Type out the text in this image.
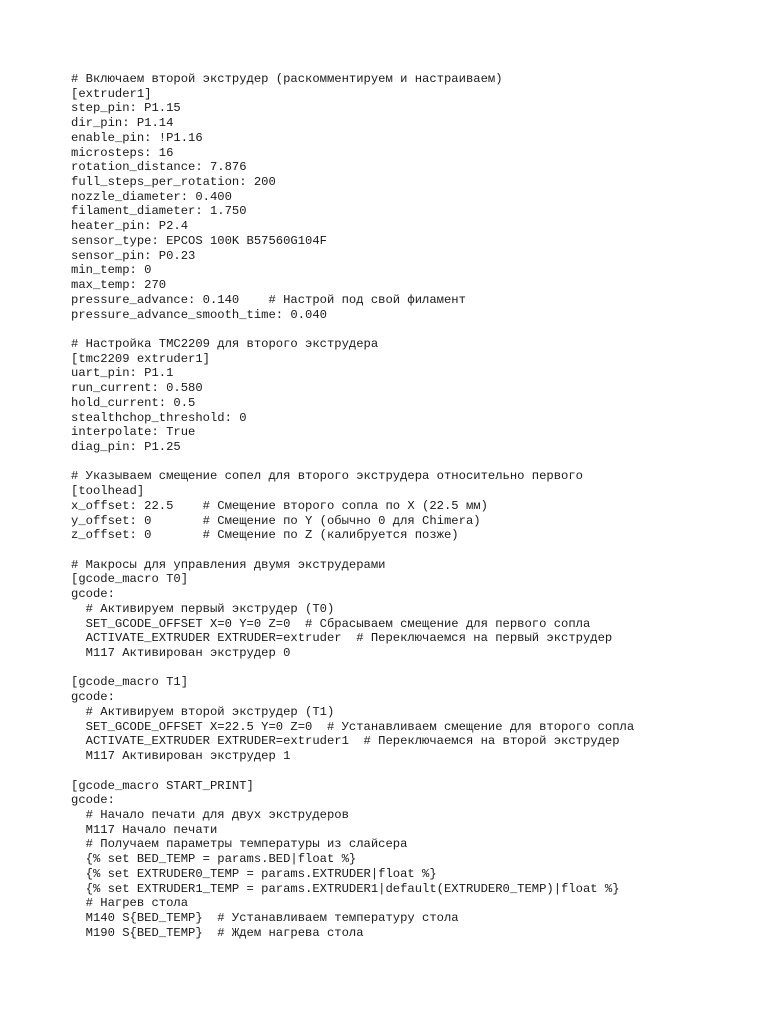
# Включаем второй экструдер (раскомментируем и настраиваем)
[extruder1]
step_pin: P1.15
dir_pin: P1.14
enable_pin: !P1.16
microsteps: 16
rotation_distance: 7.876
full_steps_per_rotation: 200
nozzle_diameter: 0.400
filament_diameter: 1.750
heater_pin: P2.4
sensor_type: EPCOS 100K B57560G104F
sensor_pin: P0.23
min_temp: 0
max_temp: 270
pressure_advance: 0.140    # Настрой под свой филамент
pressure_advance_smooth_time: 0.040
# Настройка TMC2209 для второго экструдера
[tmc2209 extruder1]
uart_pin: P1.1
run_current: 0.580
hold_current: 0.5
stealthchop_threshold: 0
interpolate: True
diag_pin: P1.25
# Указываем смещение сопел для второго экструдера относительно первого
[toolhead]
x_offset: 22.5    # Смещение второго сопла по X (22.5 мм)
y_offset: 0       # Смещение по Y (обычно 0 для Chimera)
z_offset: 0       # Смещение по Z (калибруется позже)
# Макросы для управления двумя экструдерами
[gcode_macro T0]
gcode:
# Активируем первый экструдер (T0)
SET_GCODE_OFFSET X=0 Y=0 Z=0  # Сбрасываем смещение для первого сопла
ACTIVATE_EXTRUDER EXTRUDER=extruder  # Переключаемся на первый экструдер
M117 Активирован экструдер 0
[gcode_macro T1]
gcode:
# Активируем второй экструдер (T1)
SET_GCODE_OFFSET X=22.5 Y=0 Z=0  # Устанавливаем смещение для второго сопла
ACTIVATE_EXTRUDER EXTRUDER=extruder1  # Переключаемся на второй экструдер
M117 Активирован экструдер 1
[gcode_macro START_PRINT]
gcode:
# Начало печати для двух экструдеров
M117 Начало печати
# Получаем параметры температуры из слайсера
{% set BED_TEMP = params.BED|float %}
{% set EXTRUDER0_TEMP = params.EXTRUDER|float %}
{% set EXTRUDER1_TEMP = params.EXTRUDER1|default(EXTRUDER0_TEMP)|float %}
# Нагрев стола
M140 S{BED_TEMP}  # Устанавливаем температуру стола
M190 S{BED_TEMP}  # Ждем нагрева стола
